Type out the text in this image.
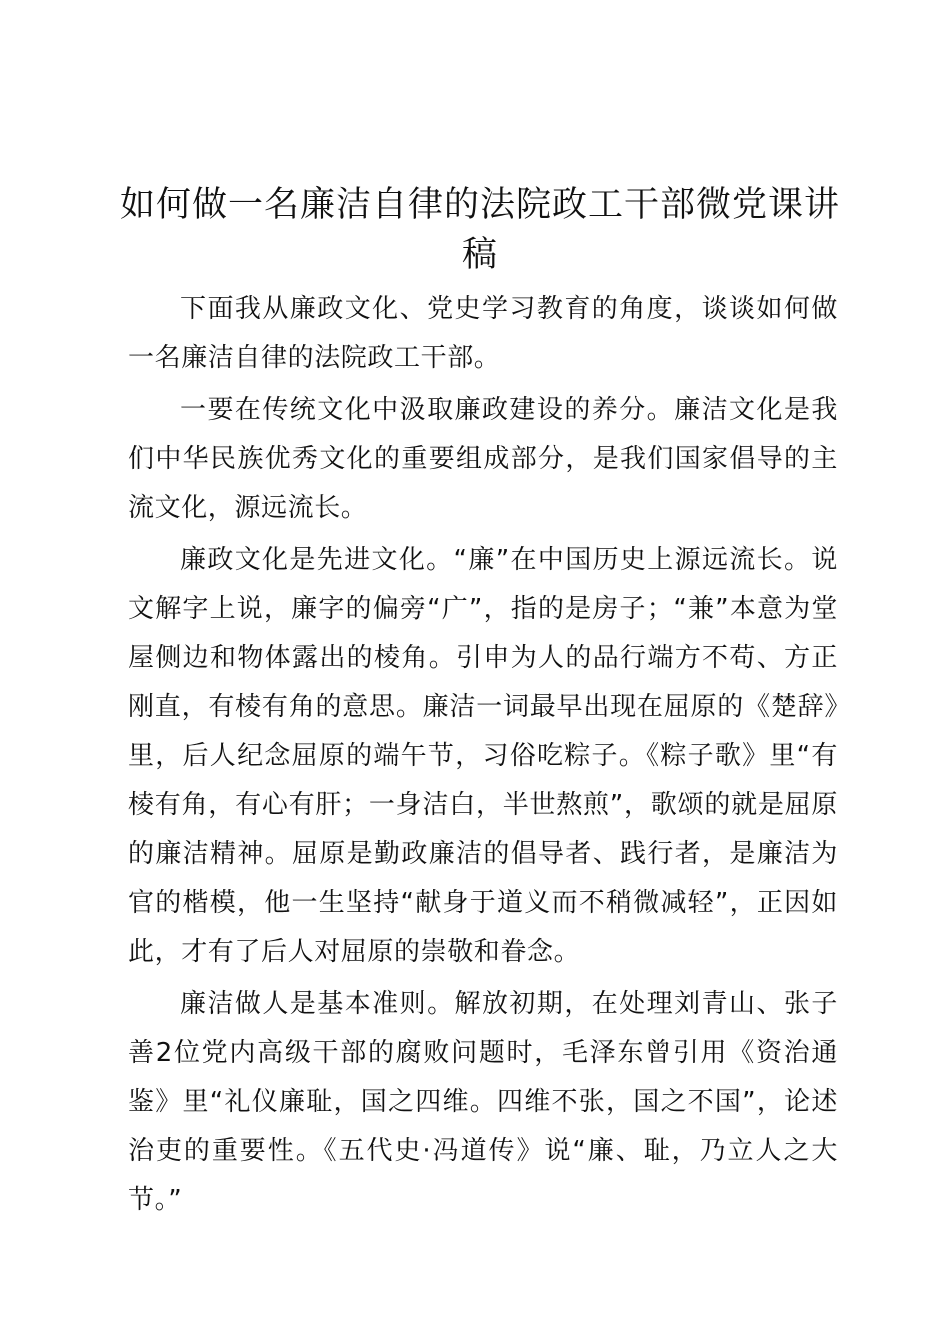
如何做一名廉洁自律的法院政工干部微党课讲稿

下面我从廉政文化、党史学习教育的角度，谈谈如何做一名廉洁自律的法院政工干部。

一要在传统文化中汲取廉政建设的养分。廉洁文化是我们中华民族优秀文化的重要组成部分，是我们国家倡导的主流文化，源远流长。

廉政文化是先进文化。“廉”在中国历史上源远流长。说文解字上说，廉字的偏旁“广”，指的是房子；“兼”本意为堂屋侧边和物体露出的棱角。引申为人的品行端方不苟、方正刚直，有棱有角的意思。廉洁一词最早出现在屈原的《楚辞》里，后人纪念屈原的端午节，习俗吃粽子。《粽子歌》里“有棱有角，有心有肝；一身洁白，半世熬煎”，歌颂的就是屈原的廉洁精神。屈原是勤政廉洁的倡导者、践行者，是廉洁为官的楷模，他一生坚持“献身于道义而不稍微减轻”，正因如此，才有了后人对屈原的崇敬和眷念。

廉洁做人是基本准则。解放初期，在处理刘青山、张子善2位党内高级干部的腐败问题时，毛泽东曾引用《资治通鉴》里“礼仪廉耻，国之四维。四维不张，国之不国”，论述治吏的重要性。《五代史·冯道传》说“廉、耻，乃立人之大节。”
